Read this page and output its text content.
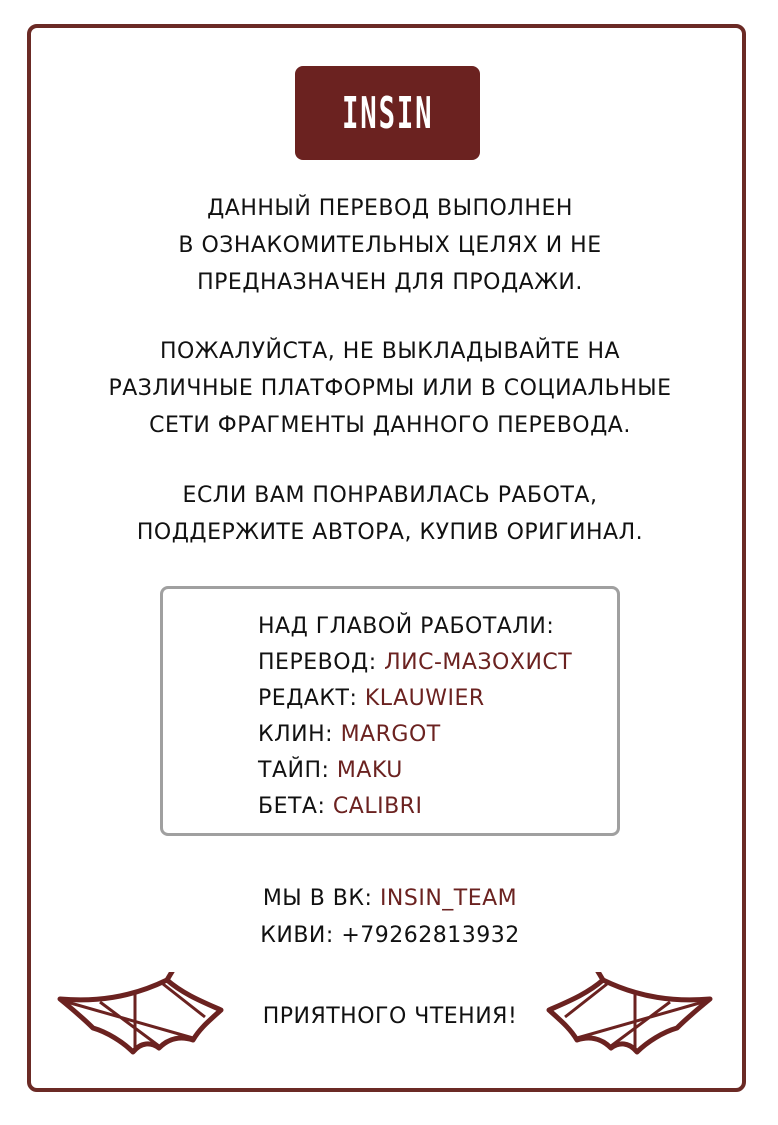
INSIN
ДАННЫЙ ПЕРЕВОД ВЫПОЛНЕН
В ОЗНАКОМИТЕЛЬНЫХ ЦЕЛЯХ И НЕ
ПРЕДНАЗНАЧЕН ДЛЯ ПРОДАЖИ.
ПОЖАЛУЙСТА, НЕ ВЫКЛАДЫВАЙТЕ НА
РАЗЛИЧНЫЕ ПЛАТФОРМЫ ИЛИ В СОЦИАЛЬНЫЕ
СЕТИ ФРАГМЕНТЫ ДАННОГО ПЕРЕВОДА.
ЕСЛИ ВАМ ПОНРАВИЛАСЬ РАБОТА,
ПОДДЕРЖИТЕ АВТОРА, КУПИВ ОРИГИНАЛ.
НАД ГЛАВОЙ РАБОТАЛИ:
ПЕРЕВОД: ЛИС-МАЗОХИСТ
РЕДАКТ: KLAUWIER
КЛИН: MARGOT
ТАЙП: MAKU
БЕТА: CALIBRI
МЫ В ВК: INSIN_TEAM
КИВИ: +79262813932
ПРИЯТНОГО ЧТЕНИЯ!
